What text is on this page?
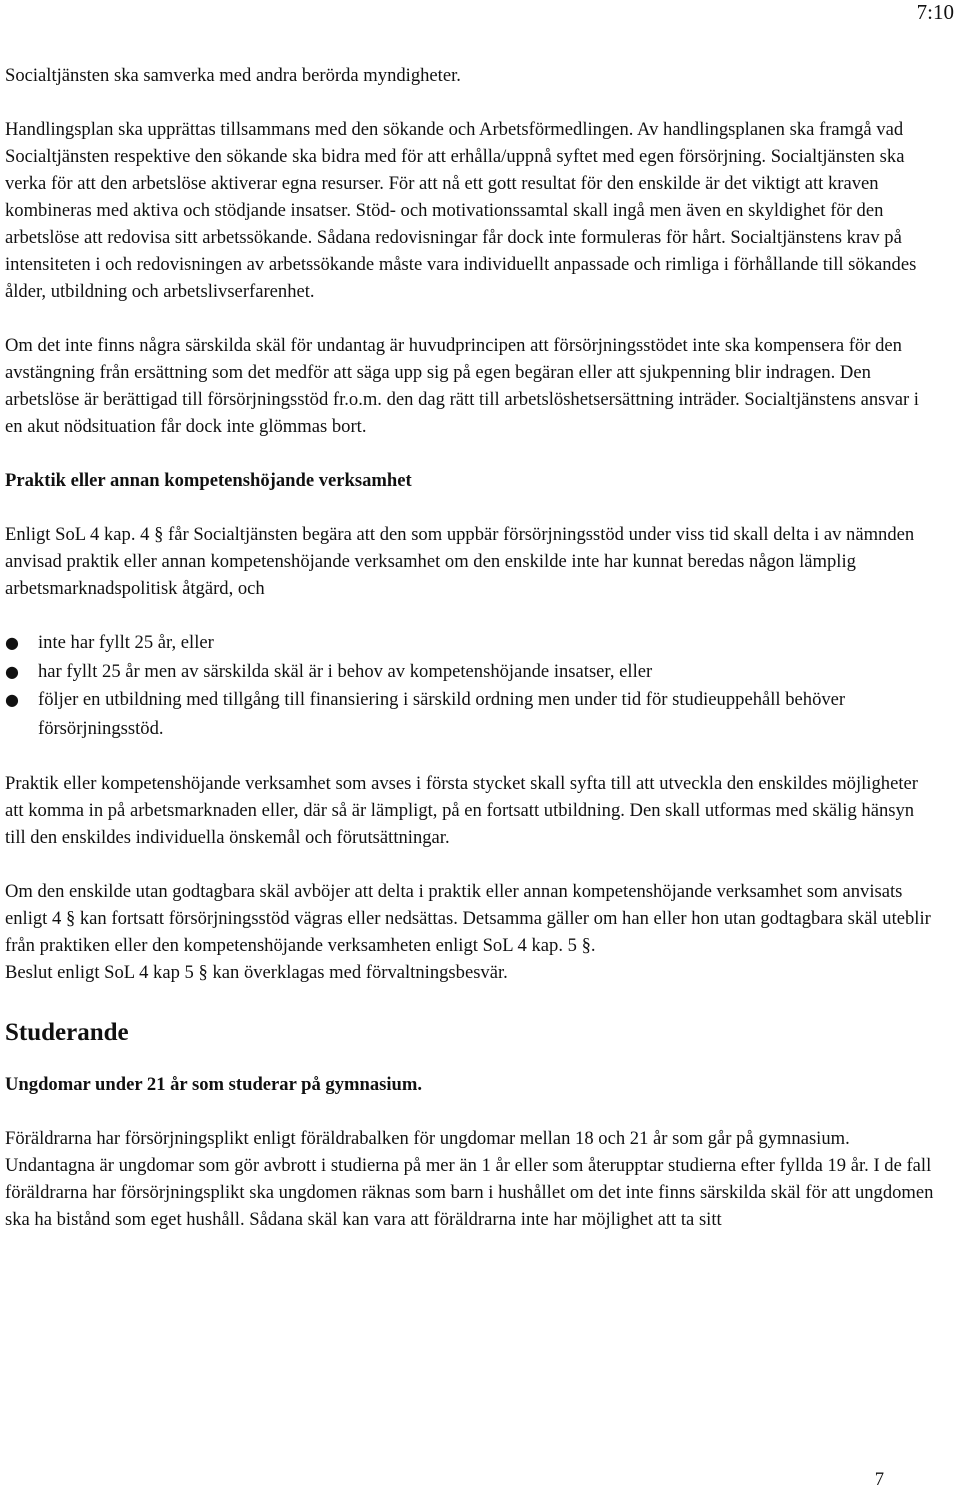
7:10

Socialtjänsten ska samverka med andra berörda myndigheter.

Handlingsplan ska upprättas tillsammans med den sökande och Arbetsförmedlingen. Av handlingsplanen ska framgå vad Socialtjänsten respektive den sökande ska bidra med för att erhålla/uppnå syftet med egen försörjning. Socialtjänsten ska verka för att den arbetslöse aktiverar egna resurser. För att nå ett gott resultat för den enskilde är det viktigt att kraven kombineras med aktiva och stödjande insatser. Stöd- och motivationssamtal skall ingå men även en skyldighet för den arbetslöse att redovisa sitt arbetssökande. Sådana redovisningar får dock inte formuleras för hårt. Socialtjänstens krav på intensiteten i och redovisningen av arbetssökande måste vara individuellt anpassade och rimliga i förhållande till sökandes ålder, utbildning och arbetslivserfarenhet.

Om det inte finns några särskilda skäl för undantag är huvudprincipen att försörjningsstödet inte ska kompensera för den avstängning från ersättning som det medför att säga upp sig på egen begäran eller att sjukpenning blir indragen. Den arbetslöse är berättigad till försörjningsstöd fr.o.m. den dag rätt till arbetslöshetsersättning inträder. Socialtjänstens ansvar i en akut nödsituation får dock inte glömmas bort.

Praktik eller annan kompetenshöjande verksamhet

Enligt SoL 4 kap. 4 § får Socialtjänsten begära att den som uppbär försörjningsstöd under viss tid skall delta i av nämnden anvisad praktik eller annan kompetenshöjande verksamhet om den enskilde inte har kunnat beredas någon lämplig arbetsmarknadspolitisk åtgärd, och

●	inte har fyllt 25 år, eller
●	har fyllt 25 år men av särskilda skäl är i behov av kompetenshöjande insatser, eller
●	följer en utbildning med tillgång till finansiering i särskild ordning men under tid för studieuppehåll behöver försörjningsstöd.

Praktik eller kompetenshöjande verksamhet som avses i första stycket skall syfta till att utveckla den enskildes möjligheter att komma in på arbetsmarknaden eller, där så är lämpligt, på en fortsatt utbildning. Den skall utformas med skälig hänsyn till den enskildes individuella önskemål och förutsättningar.

Om den enskilde utan godtagbara skäl avböjer att delta i praktik eller annan kompetenshöjande verksamhet som anvisats enligt 4 § kan fortsatt försörjningsstöd vägras eller nedsättas. Detsamma gäller om han eller hon utan godtagbara skäl uteblir från praktiken eller den kompetenshöjande verksamheten enligt SoL 4 kap. 5 §.

Beslut enligt SoL 4 kap 5 § kan överklagas med förvaltningsbesvär.

Studerande
Ungdomar under 21 år som studerar på gymnasium.

Föräldrarna har försörjningsplikt enligt föräldrabalken för ungdomar mellan 18 och 21 år som går på gymnasium. Undantagna är ungdomar som gör avbrott i studierna på mer än 1 år eller som återupptar studierna efter fyllda 19 år. I de fall föräldrarna har försörjningsplikt ska ungdomen räknas som barn i hushållet om det inte finns särskilda skäl för att ungdomen ska ha bistånd som eget hushåll. Sådana skäl kan vara att föräldrarna inte har möjlighet att ta sitt

7
